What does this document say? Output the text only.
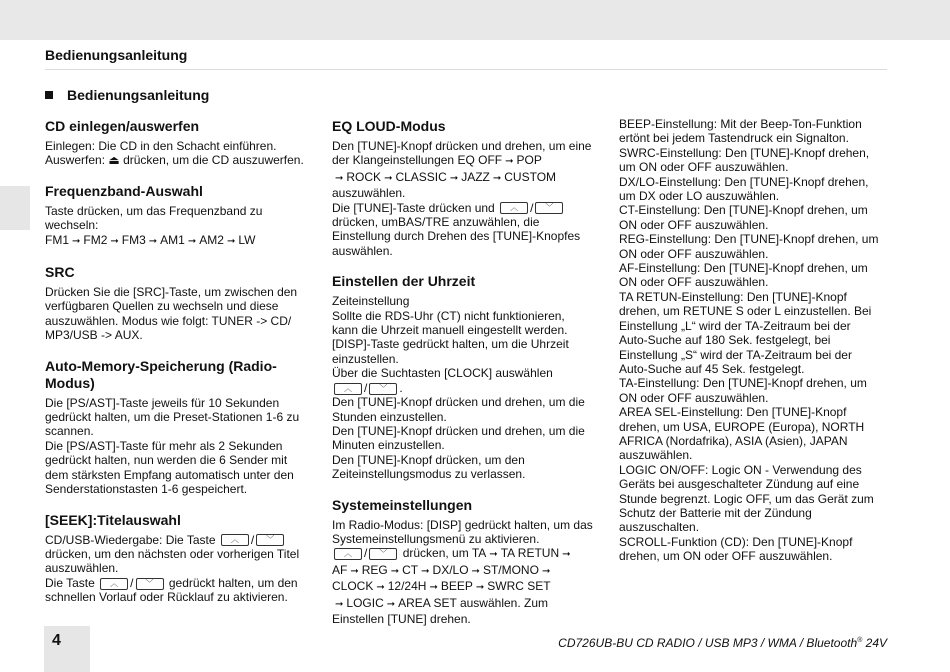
Bedienungsanleitung
Bedienungsanleitung
CD einlegen/auswerfen

Einlegen: Die CD in den Schacht einführen.

Auswerfen: ⏏ drücken, um die CD auszuwerfen.

Frequenzband-Auswahl

Taste drücken, um das Frequenzband zu wechseln:

FM1 ➞ FM2 ➞ FM3 ➞ AM1 ➞ AM2 ➞ LW

SRC

Drücken Sie die [SRC]-Taste, um zwischen den verfügbaren Quellen zu wechseln und diese auszuwählen. Modus wie folgt: TUNER -> CD/ MP3/USB -> AUX.

Auto-Memory-Speicherung (Radio-Modus)

Die [PS/AST]-Taste jeweils für 10 Sekunden gedrückt halten, um die Preset-Stationen 1-6 zu scannen.

Die [PS/AST]-Taste für mehr als 2 Sekunden gedrückt halten, nun werden die 6 Sender mit dem stärksten Empfang automatisch unter den Senderstationstasten 1-6 gespeichert.

[SEEK]:Titelauswahl

CD/USB-Wiedergabe: Die Taste ︿ / ﹀ drücken, um den nächsten oder vorherigen Titel auszuwählen.

Die Taste ︿ / ﹀ gedrückt halten, um den schnellen Vorlauf oder Rücklauf zu aktivieren.

EQ LOUD-Modus

Den [TUNE]-Knopf drücken und drehen, um eine der Klangeinstellungen EQ OFF ➞ POP
➞ ROCK ➞ CLASSIC ➞ JAZZ ➞ CUSTOM auszuwählen.

Die [TUNE]-Taste drücken und ︿ / ﹀ drücken, umBAS/TRE anzuwählen, die Einstellung durch Drehen des [TUNE]-Knopfes auswählen.

Einstellen der Uhrzeit

Zeiteinstellung

Sollte die RDS-Uhr (CT) nicht funktionieren, kann die Uhrzeit manuell eingestellt werden.

[DISP]-Taste gedrückt halten, um die Uhrzeit einzustellen.

Über die Suchtasten [CLOCK] auswählen

︿ / ﹀ .

Den [TUNE]-Knopf drücken und drehen, um die Stunden einzustellen.

Den [TUNE]-Knopf drücken und drehen, um die Minuten einzustellen.

Den [TUNE]-Knopf drücken, um den Zeiteinstellungsmodus zu verlassen.

Systemeinstellungen

Im Radio-Modus: [DISP] gedrückt halten, um das Systemeinstellungsmenü zu aktivieren.

︿ / ﹀ drücken, um TA ➞ TA RETUN ➞
AF ➞ REG ➞ CT ➞ DX/LO ➞ ST/MONO ➞
CLOCK ➞ 12/24H ➞ BEEP ➞ SWRC SET
➞ LOGIC ➞ AREA SET auswählen. Zum Einstellen [TUNE] drehen.

BEEP-Einstellung: Mit der Beep-Ton-Funktion ertönt bei jedem Tastendruck ein Signalton.

SWRC-Einstellung: Den [TUNE]-Knopf drehen, um ON oder OFF auszuwählen.

DX/LO-Einstellung: Den [TUNE]-Knopf drehen, um DX oder LO auszuwählen.

CT-Einstellung: Den [TUNE]-Knopf drehen, um ON oder OFF auszuwählen.

REG-Einstellung: Den [TUNE]-Knopf drehen, um ON oder OFF auszuwählen.

AF-Einstellung: Den [TUNE]-Knopf drehen, um ON oder OFF auszuwählen.

TA RETUN-Einstellung: Den [TUNE]-Knopf drehen, um RETUNE S oder L einzustellen. Bei Einstellung „L“ wird der TA-Zeitraum bei der Auto-Suche auf 180 Sek. festgelegt, bei Einstellung „S“ wird der TA-Zeitraum bei der Auto-Suche auf 45 Sek. festgelegt.

TA-Einstellung: Den [TUNE]-Knopf drehen, um ON oder OFF auszuwählen.

AREA SEL-Einstellung: Den [TUNE]-Knopf drehen, um USA, EUROPE (Europa), NORTH AFRICA (Nordafrika), ASIA (Asien), JAPAN auszuwählen.

LOGIC ON/OFF: Logic ON - Verwendung des Geräts bei ausgeschalteter Zündung auf eine Stunde begrenzt. Logic OFF, um das Gerät zum Schutz der Batterie mit der Zündung auszuschalten.

SCROLL-Funktion (CD): Den [TUNE]-Knopf drehen, um ON oder OFF auszuwählen.

4	CD726UB-BU CD RADIO / USB MP3 / WMA / Bluetooth® 24V
